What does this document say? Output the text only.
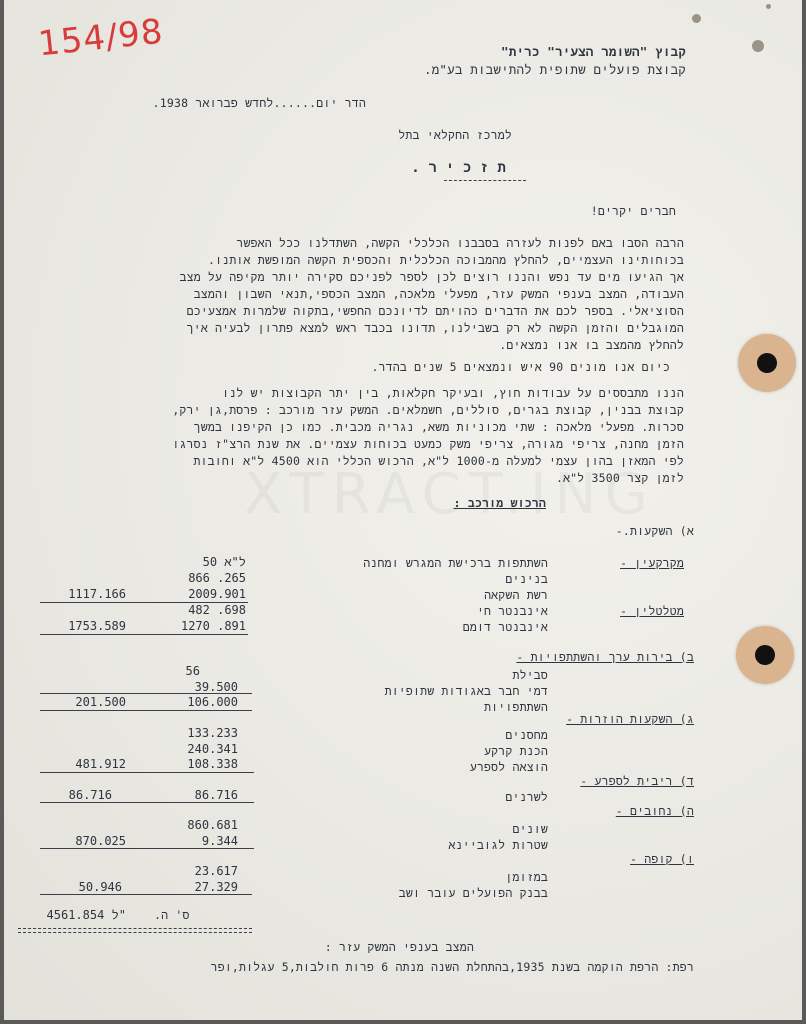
154/98	קבוץ "השומר הצעיר" כרית"
קבוצת פועלים שתופית להתישבות בע"מ.
הדר יום......לחדש פברואר 1938.
למרכז החקלאי בתל
ת ז כ י ר .
חברים יקרים!
הרבה הסבו באם לפנות לעזרה בסבבנו הכלכלי הקשה, השתדלנו ככל האפשר
בכוחותינו העצמיים, להחלץ מהמבוכה הכלכלית והכספית הקשה המופשת אותנו.
אך הגיעו מים עד נפש והננו רוצים לכן לספר לפניכם סקירה יותר מקיפה על מצב
העבודה, המצב בענפי המשק עזר, מפעלי מלאכה, המצב הכספי,תנאי השבון והמצב
הסוציאלי. בספר לכם את הדברים כהויתם לדיונכם החפשי,בתקוה שלמרות אמצעיכם
המוגבלים והזמן הקשה לא רק בשבילנו, תדונו בכבד ראש למצא פתרון לבעיה איך
להחלץ מהמצב בו אנו נמצאים.
כיום אנו מונים 90 איש ונמצאים 5 שנים בהדר.
הננו מתבססים על עבודות חוץ, ובעיקר חקלאות, בין יתר הקבוצות יש לנו
קבוצת בבנין, קבוצת בגרים, סוללים, חשמלאים. המשק עזר מורכב : פרסת,גן ירק,
סכרות. מפעלי מלאכה : שתי מכוניות משא, נגריה מכבית. כמו כן הקיפנו במשך
הזמן מחנה, צריפי מגורה, צריפי משק כמעט בכוחות עצמיים. את שנת הרצ"ז נסרגו
לפי המאזן בהון עצמי למעלה מ-1000 ל"א, הרכוש הכללי הוא 4500 ל"א וחובות
לזמן קצר 3500 ל"א.
הרכוש מורכב :
א) השקעות.-
מקרקעין -
מטלטלין -
השתתפות ברכישת המגרש ומחנה
50 ל"א
בנינים
866 .265
רשת השקאה
2009.901
1117.166
אינבנטר חי
482 .698
אינבנטר דומם
1270 .891
1753.589
ב) בירות ערך והשתתפויות -
סבילת
56
דמי חבר באגודות שתופיות
39.500
השתתפויות
106.000
201.500
ג) השקעות הוזרות -
מחסנים
133.233
הכנת קרקע
240.341
הוצאה לספרע
108.338
481.912
ד) ריבית לספרע -
לשרנים
86.716
86.716
ה) נחובים -
שונים
860.681
שטרות לגוביינא
9.344
870.025
ו) קופה -
במזומן
23.617
בבנק הפועלים עובר ושב
27.329
50.946
4561.854 ל" ס' ה.
המצב בענפי המשק עזר :
רפת: הרפת הוקמה בשנת 1935,בהתחלת השנה מנתה 6 פרות חולבות,5 עגלות,ופר
